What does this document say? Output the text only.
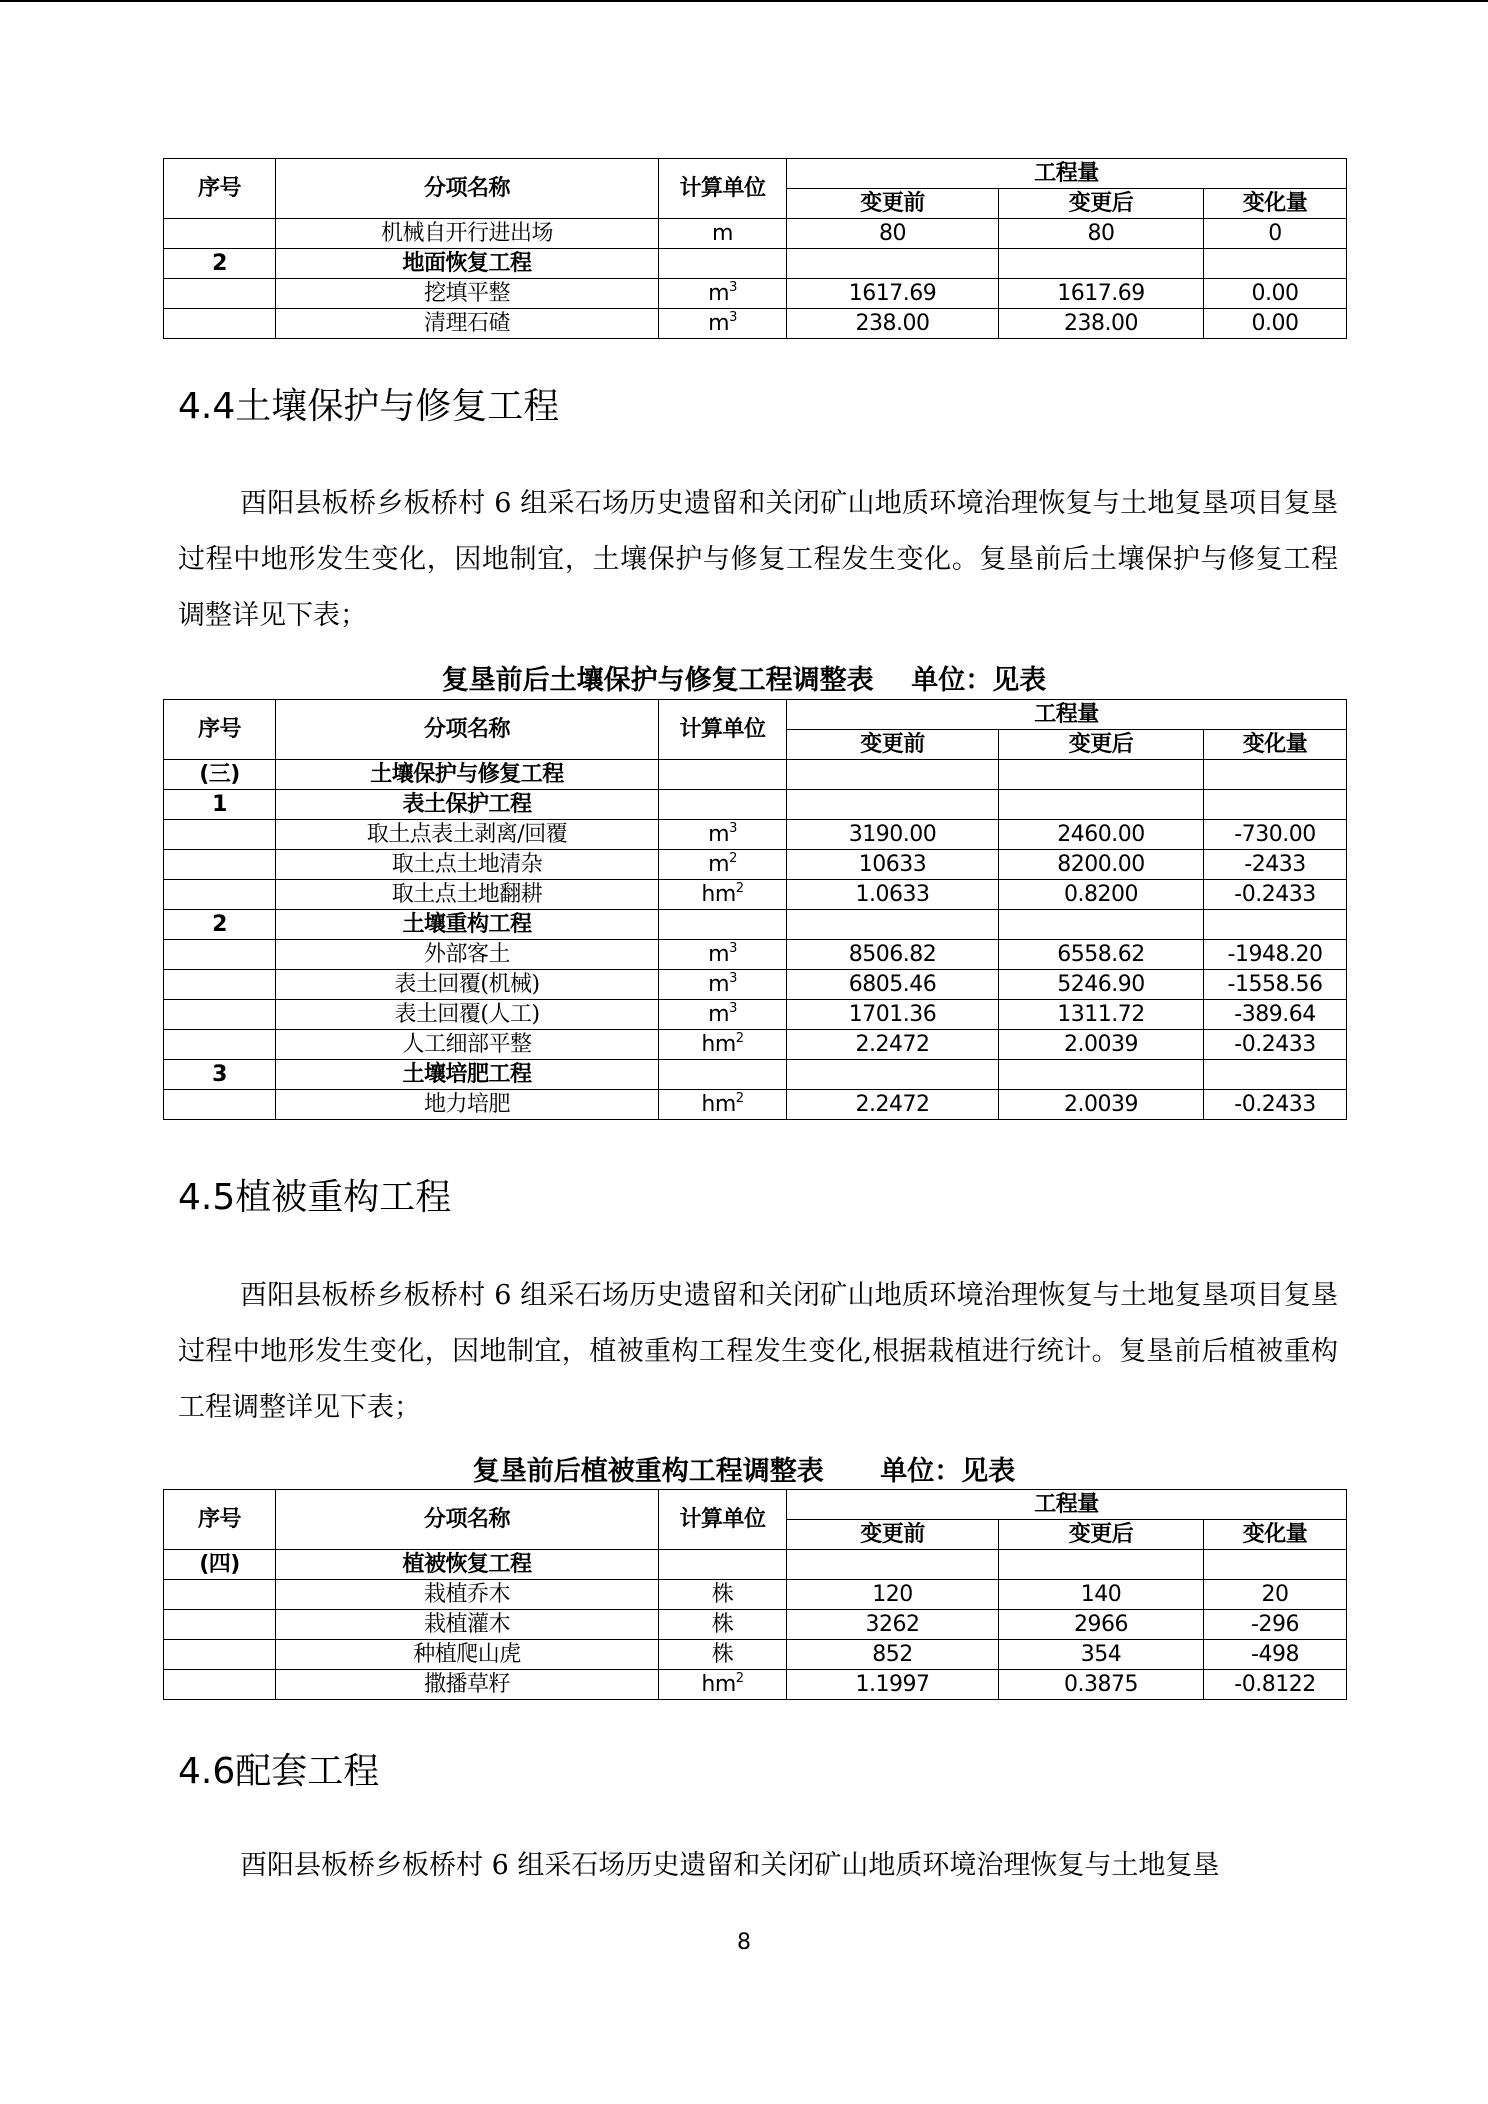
序号	分项名称	计算单位	工程量		
			变更前	变更后	变化量
	机械自开行进出场	m	80	80	0
2	地面恢复工程				
	挖填平整	$m^3$	1617.69	1617.69	0.00
	清理石碴	$m^3$	238.00	238.00	0.00
4.4土壤保护与修复工程

酉阳县板桥乡板桥村 6 组采石场历史遗留和关闭矿山地质环境治理恢复与土地复垦项目复垦过程中地形发生变化，因地制宜，土壤保护与修复工程发生变化。复垦前后土壤保护与修复工程调整详见下表；

复垦前后土壤保护与修复工程调整表    单位：见表

序号	分项名称	计算单位	工程量		
			变更前	变更后	变化量
(三)	土壤保护与修复工程				
1	表土保护工程				
	取土点表土剥离/回覆	$m^3$	3190.00	2460.00	-730.00
	取土点土地清杂	$m^2$	10633	8200.00	-2433
	取土点土地翻耕	$hm^2$	1.0633	0.8200	-0.2433
2	土壤重构工程				
	外部客土	$m^3$	8506.82	6558.62	-1948.20
	表土回覆(机械)	$m^3$	6805.46	5246.90	-1558.56
	表土回覆(人工)	$m^3$	1701.36	1311.72	-389.64
	人工细部平整	$hm^2$	2.2472	2.0039	-0.2433
3	土壤培肥工程				
	地力培肥	$hm^2$	2.2472	2.0039	-0.2433
4.5植被重构工程

酉阳县板桥乡板桥村 6 组采石场历史遗留和关闭矿山地质环境治理恢复与土地复垦项目复垦过程中地形发生变化，因地制宜，植被重构工程发生变化,根据栽植进行统计。复垦前后植被重构工程调整详见下表；

复垦前后植被重构工程调整表      单位：见表

序号	分项名称	计算单位	工程量		
			变更前	变更后	变化量
(四)	植被恢复工程				
	栽植乔木	株	120	140	20
	栽植灌木	株	3262	2966	-296
	种植爬山虎	株	852	354	-498
	撒播草籽	$hm^2$	1.1997	0.3875	-0.8122
4.6配套工程

酉阳县板桥乡板桥村 6 组采石场历史遗留和关闭矿山地质环境治理恢复与土地复垦

8
